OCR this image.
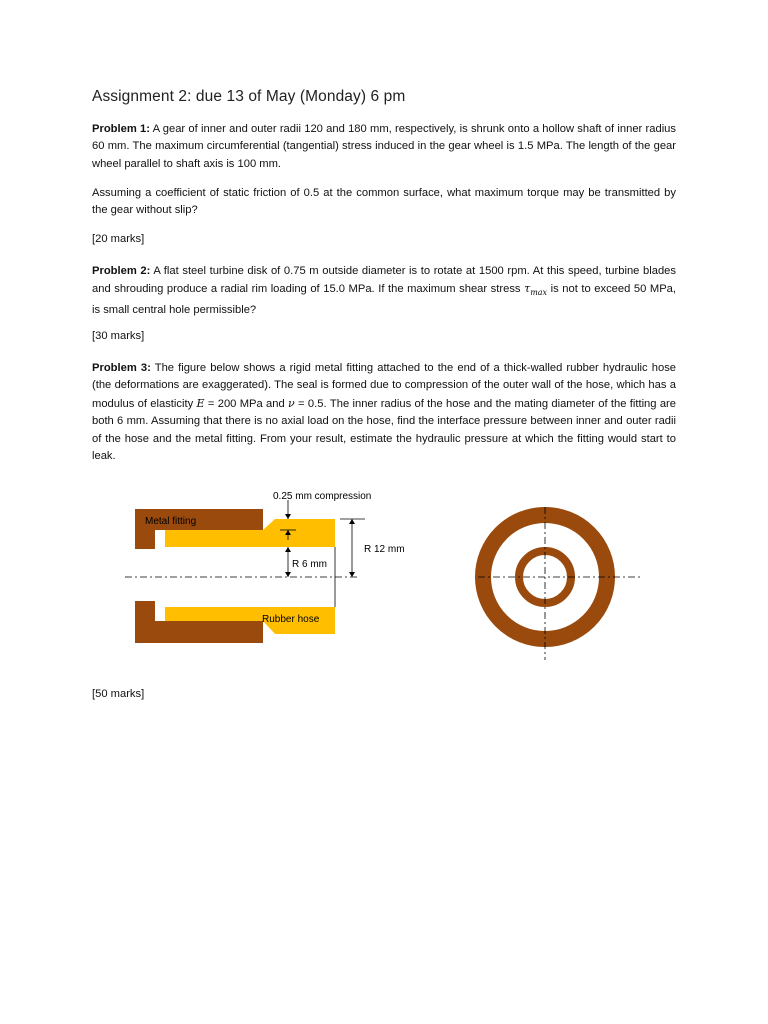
Assignment 2: due 13 of May (Monday) 6 pm
Problem 1: A gear of inner and outer radii 120 and 180 mm, respectively, is shrunk onto a hollow shaft of inner radius 60 mm. The maximum circumferential (tangential) stress induced in the gear wheel is 1.5 MPa. The length of the gear wheel parallel to shaft axis is 100 mm.
Assuming a coefficient of static friction of 0.5 at the common surface, what maximum torque may be transmitted by the gear without slip?
[20 marks]
Problem 2: A flat steel turbine disk of 0.75 m outside diameter is to rotate at 1500 rpm. At this speed, turbine blades and shrouding produce a radial rim loading of 15.0 MPa. If the maximum shear stress $\tau_{max}$ is not to exceed 50 MPa, is small central hole permissible?
[30 marks]
Problem 3: The figure below shows a rigid metal fitting attached to the end of a thick-walled rubber hydraulic hose (the deformations are exaggerated). The seal is formed due to compression of the outer wall of the hose, which has a modulus of elasticity E = 200 MPa and ν = 0.5. The inner radius of the hose and the mating diameter of the fitting are both 6 mm. Assuming that there is no axial load on the hose, find the interface pressure between inner and outer radii of the hose and the metal fitting. From your result, estimate the hydraulic pressure at which the fitting would start to leak.
0.25 mm compression
R 6 mm
R 12 mm
Metal fitting
Rubber hose
[50 marks]
